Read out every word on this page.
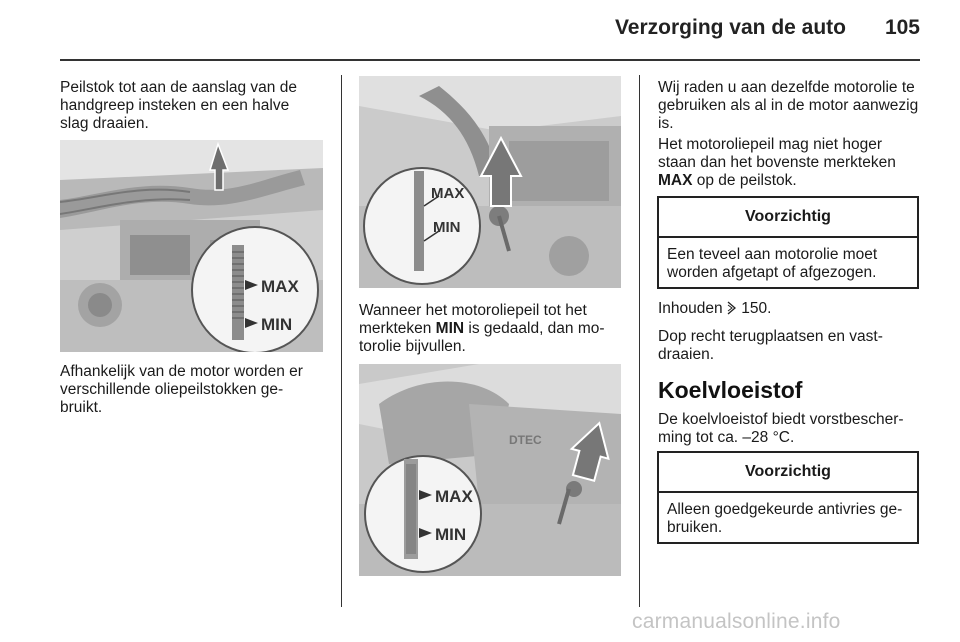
Verzorging van de auto 105
Peilstok tot aan de aanslag van de
handgreep insteken en een halve
slag draaien.
MAX
MIN
Afhankelijk van de motor worden er
verschillende oliepeilstokken ge-
bruikt.
MAX
MIN
Wanneer het motoroliepeil tot het
merkteken MIN is gedaald, dan mo-
torolie bijvullen.
DTEC
MAX
MIN
Wij raden u aan dezelfde motorolie te
gebruiken als al in de motor aanwezig
is.
Het motoroliepeil mag niet hoger
staan dan het bovenste merkteken
MAX op de peilstok.
Voorzichtig
Een teveel aan motorolie moet
worden afgetapt of afgezogen.
Inhouden 150.
Dop recht terugplaatsen en vast-
draaien.
Koelvloeistof
De koelvloeistof biedt vorstbescher-
ming tot ca. –28 °C.
Voorzichtig
Alleen goedgekeurde antivries ge-
bruiken.
carmanualsonline.info
